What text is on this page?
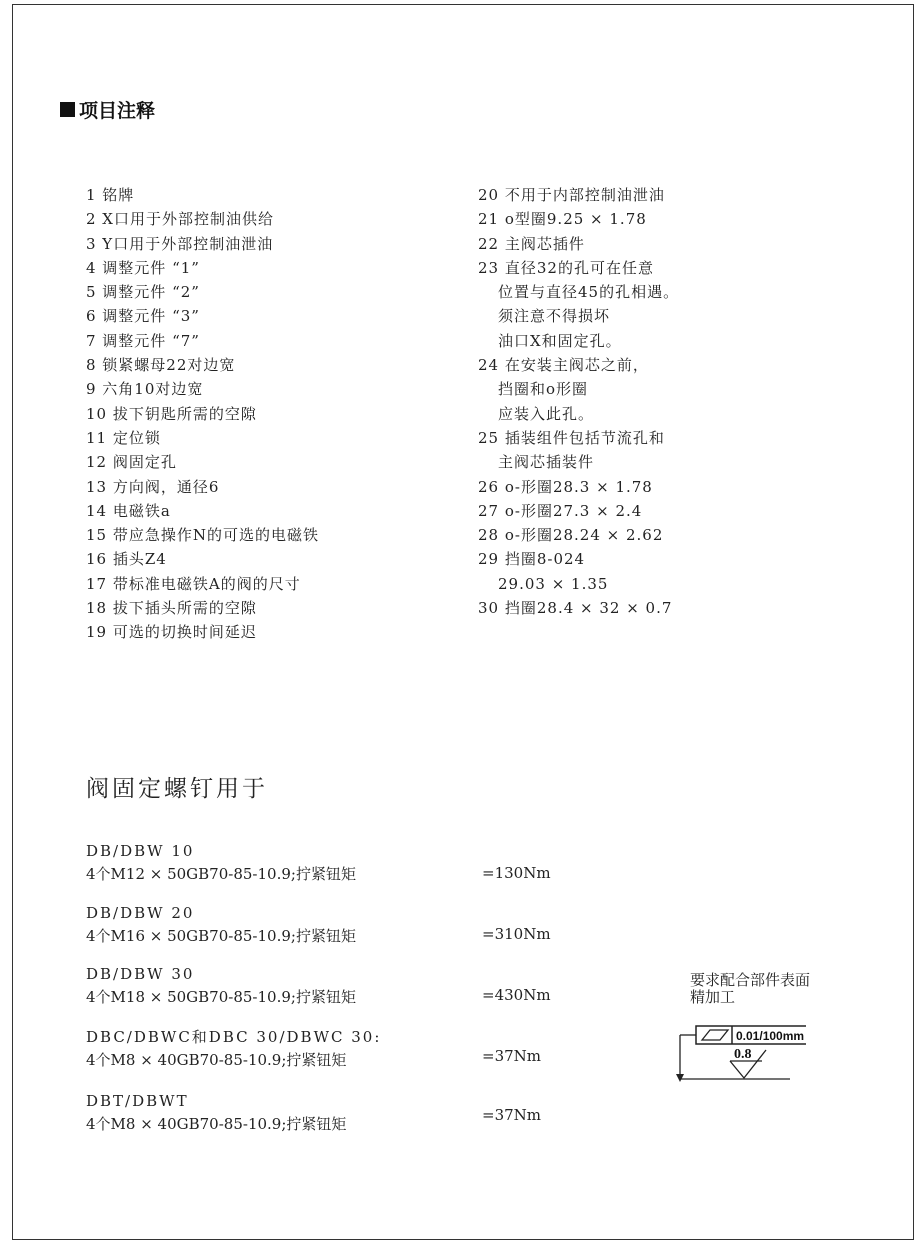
项目注释
1 铭牌
2 X口用于外部控制油供给
3 Y口用于外部控制油泄油
4 调整元件 “1”
5 调整元件 “2”
6 调整元件 “3”
7 调整元件 “7”
8 锁紧螺母22对边宽
9 六角10对边宽
10 拔下钥匙所需的空隙
11 定位锁
12 阀固定孔
13 方向阀，通径6
14 电磁铁a
15 带应急操作N的可选的电磁铁
16 插头Z4
17 带标准电磁铁A的阀的尺寸
18 拔下插头所需的空隙
19 可选的切换时间延迟
20 不用于内部控制油泄油
21 o型圈9.25 × 1.78
22 主阀芯插件
23 直径32的孔可在任意
位置与直径45的孔相遇。
须注意不得损坏
油口X和固定孔。
24 在安装主阀芯之前，
挡圈和o形圈
应装入此孔。
25 插装组件包括节流孔和
主阀芯插装件
26 o-形圈28.3 × 1.78
27 o-形圈27.3 × 2.4
28 o-形圈28.24 × 2.62
29 挡圈8-024
29.03 × 1.35
30 挡圈28.4 × 32 × 0.7
阀固定螺钉用于
DB/DBW 10
4个M12 × 50GB70-85-10.9;拧紧钮矩	=130Nm
DB/DBW 20
4个M16 × 50GB70-85-10.9;拧紧钮矩	=310Nm
DB/DBW 30
4个M18 × 50GB70-85-10.9;拧紧钮矩	=430Nm
DBC/DBWC和DBC 30/DBWC 30:
4个M8 × 40GB70-85-10.9;拧紧钮矩	=37Nm
DBT/DBWT
4个M8 × 40GB70-85-10.9;拧紧钮矩	=37Nm
要求配合部件表面
精加工
0.01/100mm
0.8
